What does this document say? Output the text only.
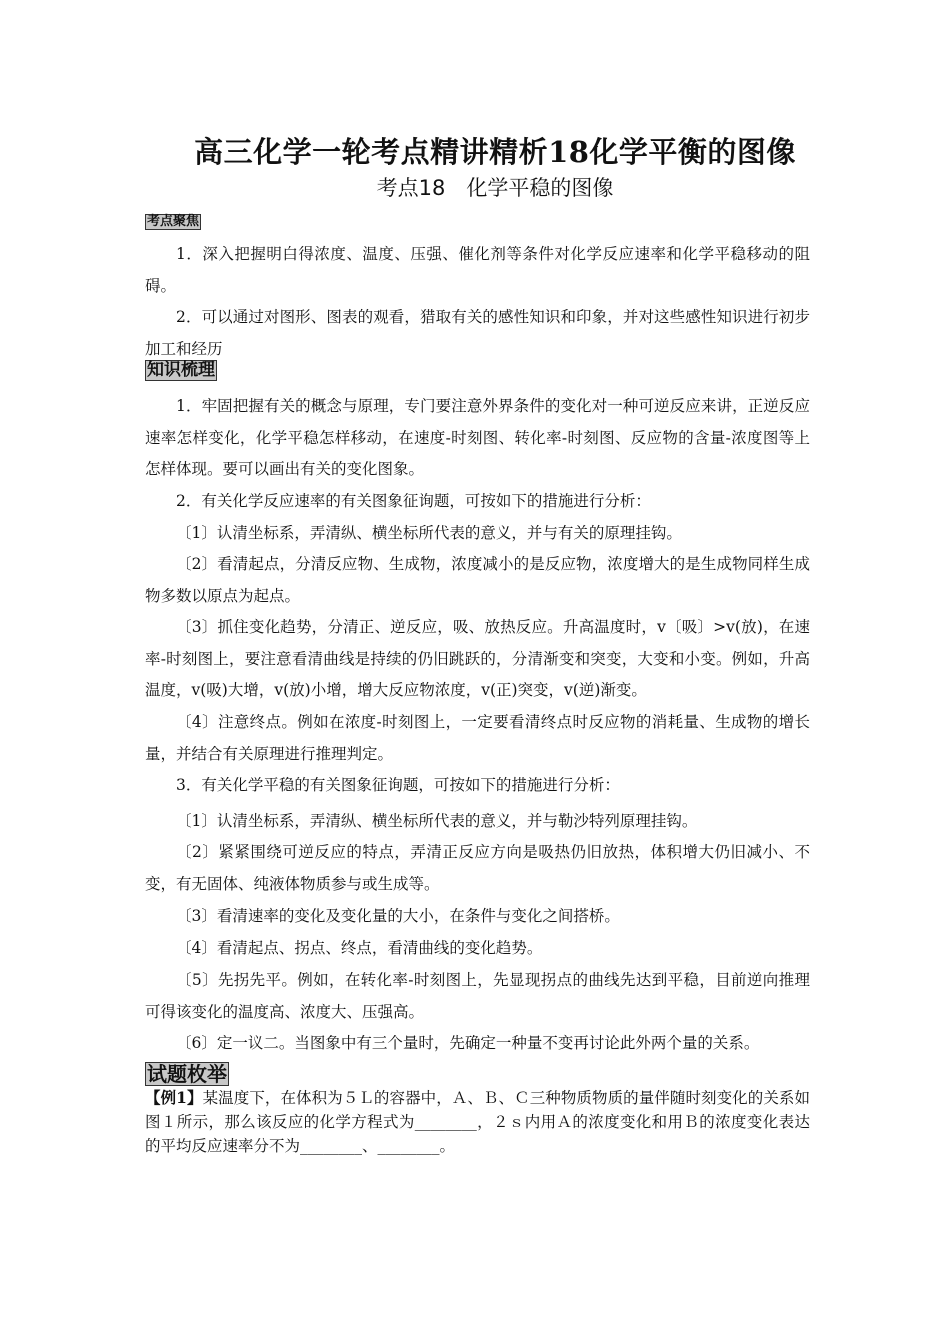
高三化学一轮考点精讲精析18化学平衡的图像
考点18　化学平稳的图像
考点聚焦

1．深入把握明白得浓度、温度、压强、催化剂等条件对化学反应速率和化学平稳移动的阻碍。

2．可以通过对图形、图表的观看，猎取有关的感性知识和印象，并对这些感性知识进行初步加工和经历

知识梳理

1．牢固把握有关的概念与原理，专门要注意外界条件的变化对一种可逆反应来讲，正逆反应速率怎样变化，化学平稳怎样移动，在速度-时刻图、转化率-时刻图、反应物的含量-浓度图等上怎样体现。要可以画出有关的变化图象。

2．有关化学反应速率的有关图象征询题，可按如下的措施进行分析：

〔1〕认清坐标系，弄清纵、横坐标所代表的意义，并与有关的原理挂钩。

〔2〕看清起点，分清反应物、生成物，浓度减小的是反应物，浓度增大的是生成物同样生成物多数以原点为起点。

〔3〕抓住变化趋势，分清正、逆反应，吸、放热反应。升高温度时，v〔吸〕>v(放)，在速率-时刻图上，要注意看清曲线是持续的仍旧跳跃的，分清渐变和突变，大变和小变。例如，升高温度，v(吸)大增，v(放)小增，增大反应物浓度，v(正)突变，v(逆)渐变。

〔4〕注意终点。例如在浓度-时刻图上，一定要看清终点时反应物的消耗量、生成物的增长量，并结合有关原理进行推理判定。

3．有关化学平稳的有关图象征询题，可按如下的措施进行分析：

〔1〕认清坐标系，弄清纵、横坐标所代表的意义，并与勒沙特列原理挂钩。

〔2〕紧紧围绕可逆反应的特点，弄清正反应方向是吸热仍旧放热，体积增大仍旧减小、不变，有无固体、纯液体物质参与或生成等。

〔3〕看清速率的变化及变化量的大小，在条件与变化之间搭桥。

〔4〕看清起点、拐点、终点，看清曲线的变化趋势。

〔5〕先拐先平。例如，在转化率-时刻图上，先显现拐点的曲线先达到平稳，目前逆向推理可得该变化的温度高、浓度大、压强高。

〔6〕定一议二。当图象中有三个量时，先确定一种量不变再讨论此外两个量的关系。

试题枚举

【例1】某温度下，在体积为５Ｌ的容器中，Ａ、Ｂ、Ｃ三种物质物质的量伴随时刻变化的关系如图１所示，那么该反应的化学方程式为________，２ｓ内用Ａ的浓度变化和用Ｂ的浓度变化表达的平均反应速率分不为________、________。
